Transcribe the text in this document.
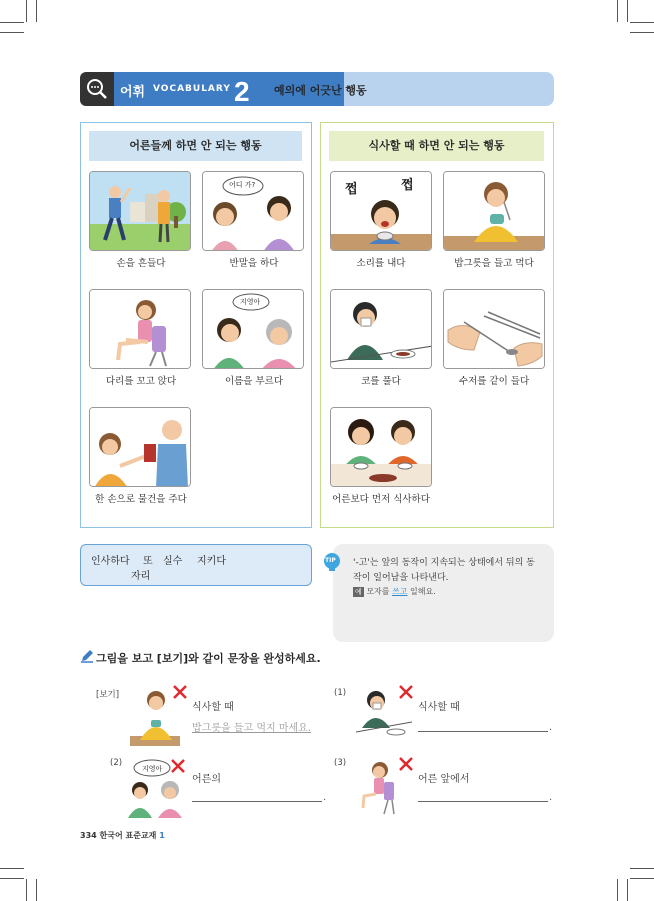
어휘 VOCABULARY 2 예의에 어긋난 행동
어른들께 하면 안 되는 행동
손을 흔들다
어디 가?
반말을 하다
다리를 꼬고 앉다
지영아
이름을 부르다
한 손으로 물건을 주다
식사할 때 하면 안 되는 행동
쩝	쩝
소리를 내다	밥그릇을 들고 먹다
코를 풀다	수저를 같이 들다
어른보다 먼저 식사하다
인사하다 또 실수 지키다
자리
'-고'는 앞의 동작이 지속되는 상태에서 뒤의 동작이 일어남을 나타낸다.
예 모자를 쓰고 일해요.
TIP
그림을 보고 [보기]와 같이 문장을 완성하세요.
[보기]
식사할 때
밥그릇을 들고 먹지 마세요.
(1)
식사할 때
.
(2)
지영아
어른의
.
(3)
어른 앞에서
.
334 한국어 표준교재 1
